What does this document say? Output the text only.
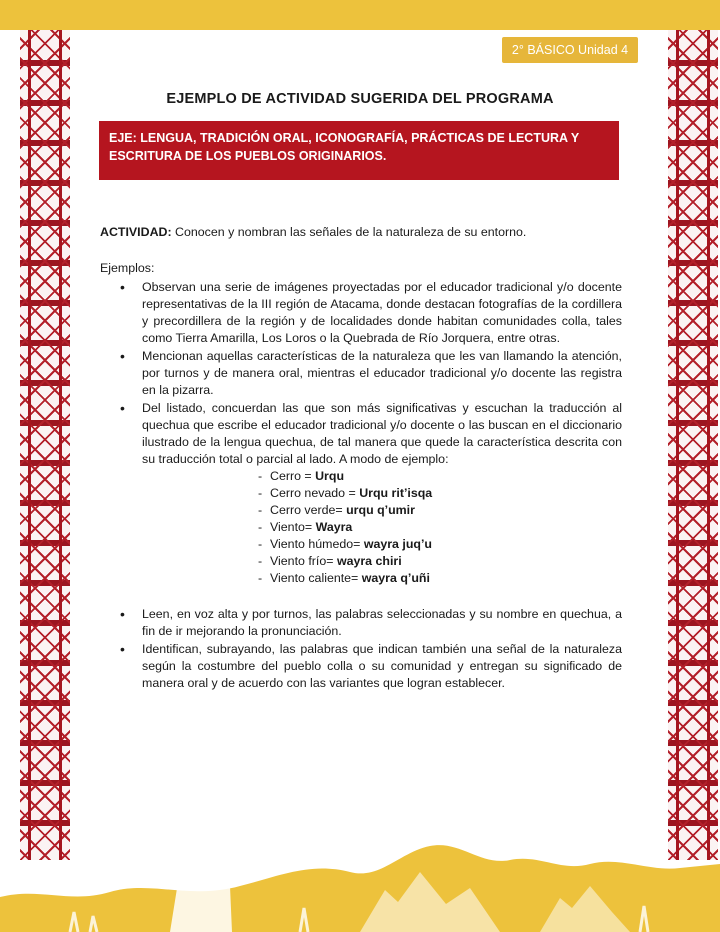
2° BÁSICO Unidad 4
EJEMPLO DE ACTIVIDAD SUGERIDA DEL PROGRAMA
EJE: LENGUA, TRADICIÓN ORAL, ICONOGRAFÍA, PRÁCTICAS DE LECTURA Y ESCRITURA DE LOS PUEBLOS ORIGINARIOS.

ACTIVIDAD: Conocen y nombran las señales de la naturaleza de su entorno.

Ejemplos:

• Observan una serie de imágenes proyectadas por el educador tradicional y/o docente representativas de la III región de Atacama, donde destacan fotografías de la cordillera y precordillera de la región y de localidades donde habitan comunidades colla, tales como Tierra Amarilla, Los Loros o la Quebrada de Río Jorquera, entre otras.
• Mencionan aquellas características de la naturaleza que les van llamando la atención, por turnos y de manera oral, mientras el educador tradicional y/o docente las registra en la pizarra.
• Del listado, concuerdan las que son más significativas y escuchan la traducción al quechua que escribe el educador tradicional y/o docente o las buscan en el diccionario ilustrado de la lengua quechua, de tal manera que quede la característica descrita con su traducción total o parcial al lado. A modo de ejemplo:
- Cerro = Urqu
- Cerro nevado = Urqu rit’isqa
- Cerro verde= urqu q’umir
- Viento= Wayra
- Viento húmedo= wayra juq’u
- Viento frío= wayra chiri
- Viento caliente= wayra q’uñi
• Leen, en voz alta y por turnos, las palabras seleccionadas y su nombre en quechua, a fin de ir mejorando la pronunciación.
• Identifican, subrayando, las palabras que indican también una señal de la naturaleza según la costumbre del pueblo colla o su comunidad y entregan su significado de manera oral y de acuerdo con las variantes que logran establecer.
